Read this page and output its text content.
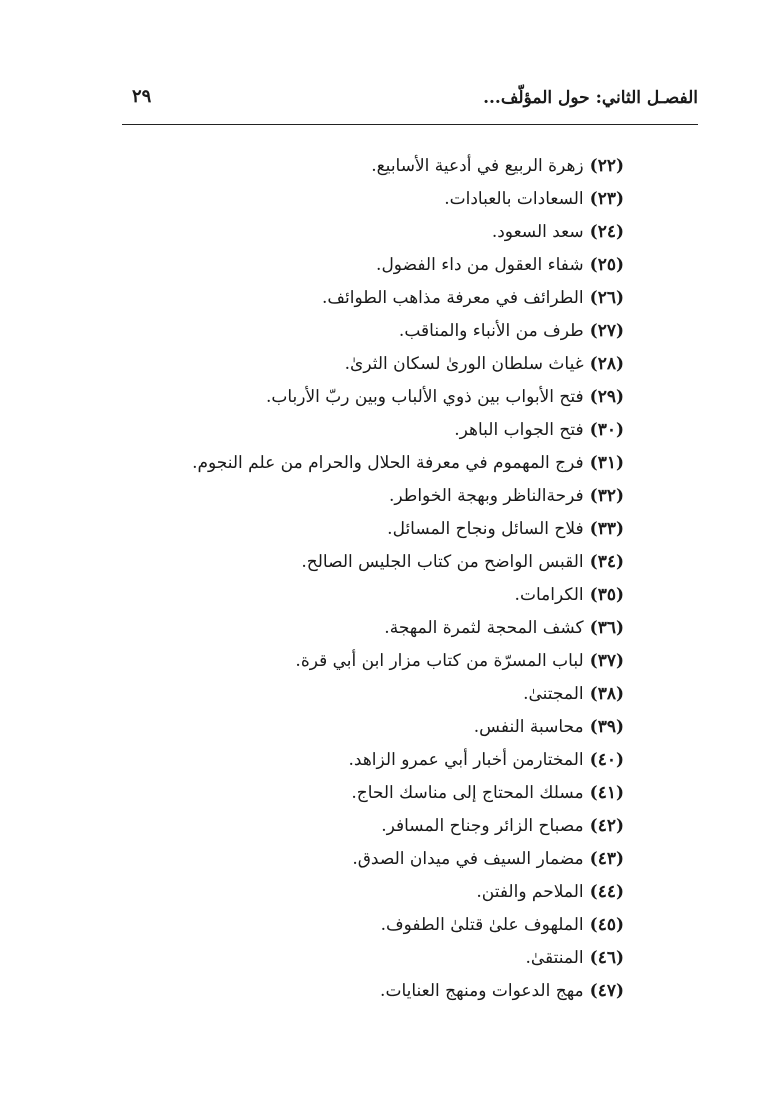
الفصـل الثاني: حول المؤلّف...
٢٩
(٢٢)زهرة الربيع في أدعية الأسابيع.
(٢٣)السعادات بالعبادات.
(٢٤)سعد السعود.
(٢٥)شفاء العقول من داء الفضول.
(٢٦)الطرائف في معرفة مذاهب الطوائف.
(٢٧)طرف من الأنباء والمناقب.
(٢٨)غياث سلطان الورىٰ لسكان الثرىٰ.
(٢٩)فتح الأبواب بين ذوي الألباب وبين ربّ الأرباب.
(٣٠)فتح الجواب الباهر.
(٣١)فرج المهموم في معرفة الحلال والحرام من علم النجوم.
(٣٢)فرحةالناظر وبهجة الخواطر.
(٣٣)فلاح السائل ونجاح المسائل.
(٣٤)القبس الواضح من كتاب الجليس الصالح.
(٣٥)الكرامات.
(٣٦)كشف المحجة لثمرة المهجة.
(٣٧)لباب المسرّة من كتاب مزار ابن أبي قرة.
(٣٨)المجتنىٰ.
(٣٩)محاسبة النفس.
(٤٠)المختارمن أخبار أبي عمرو الزاهد.
(٤١)مسلك المحتاج إلى مناسك الحاج.
(٤٢)مصباح الزائر وجناح المسافر.
(٤٣)مضمار السيف في ميدان الصدق.
(٤٤)الملاحم والفتن.
(٤٥)الملهوف علىٰ قتلىٰ الطفوف.
(٤٦)المنتقىٰ.
(٤٧)مهج الدعوات ومنهج العنايات.
